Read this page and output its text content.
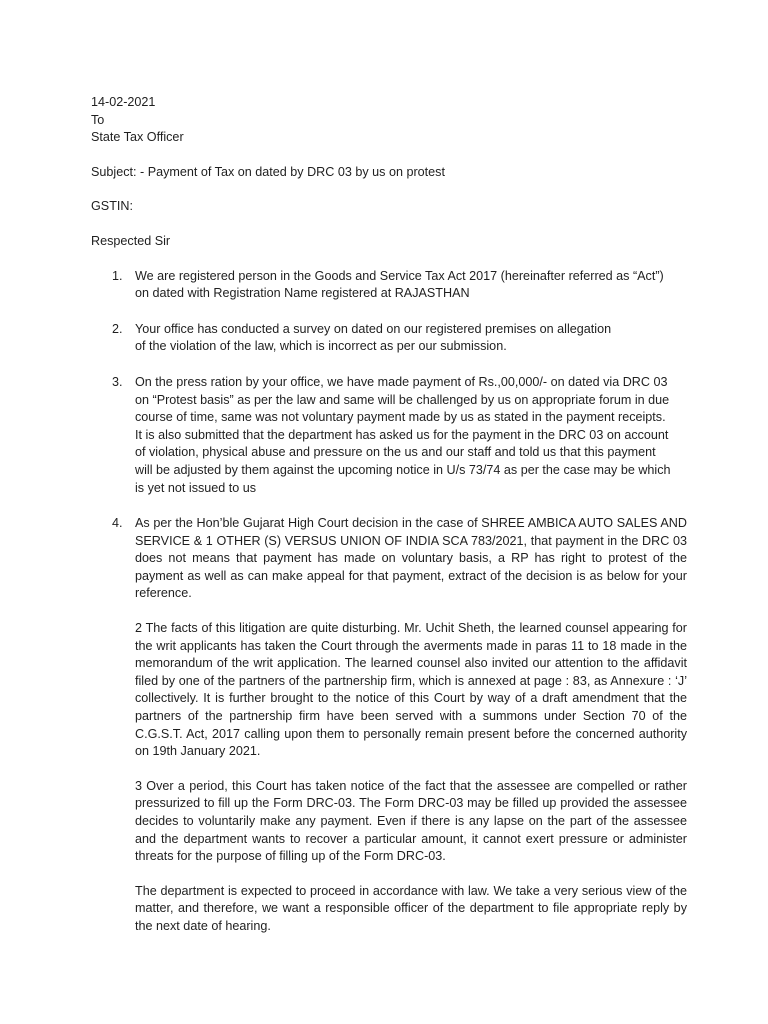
14-02-2021
To
State Tax Officer
Subject: - Payment of Tax on dated by DRC 03 by us on protest
GSTIN:
Respected Sir
1. We are registered person in the Goods and Service Tax Act 2017 (hereinafter referred as “Act”)
on dated with Registration Name registered at RAJASTHAN
2. Your office has conducted a survey on dated on our registered premises on allegation
of the violation of the law, which is incorrect as per our submission.
3. On the press ration by your office, we have made payment of Rs.,00,000/- on dated via DRC 03
on “Protest basis” as per the law and same will be challenged by us on appropriate forum in due
course of time, same was not voluntary payment made by us as stated in the payment receipts.
It is also submitted that the department has asked us for the payment in the DRC 03 on account
of violation, physical abuse and pressure on the us and our staff and told us that this payment
will be adjusted by them against the upcoming notice in U/s 73/74 as per the case may be which
is yet not issued to us
4. As per the Hon’ble Gujarat High Court decision in the case of SHREE AMBICA AUTO SALES AND SERVICE & 1 OTHER (S) VERSUS UNION OF INDIA SCA 783/2021, that payment in the DRC 03 does not means that payment has made on voluntary basis, a RP has right to protest of the payment as well as can make appeal for that payment, extract of the decision is as below for your reference.

2 The facts of this litigation are quite disturbing. Mr. Uchit Sheth, the learned counsel appearing for the writ applicants has taken the Court through the averments made in paras 11 to 18 made in the memorandum of the writ application. The learned counsel also invited our attention to the affidavit filed by one of the partners of the partnership firm, which is annexed at page : 83, as Annexure : ‘J’ collectively. It is further brought to the notice of this Court by way of a draft amendment that the partners of the partnership firm have been served with a summons under Section 70 of the C.G.S.T. Act, 2017 calling upon them to personally remain present before the concerned authority on 19th January 2021.

3 Over a period, this Court has taken notice of the fact that the assessee are compelled or rather pressurized to fill up the Form DRC-03. The Form DRC-03 may be filled up provided the assessee decides to voluntarily make any payment. Even if there is any lapse on the part of the assessee and the department wants to recover a particular amount, it cannot exert pressure or administer threats for the purpose of filling up of the Form DRC-03.

The department is expected to proceed in accordance with law. We take a very serious view of the matter, and therefore, we want a responsible officer of the department to file appropriate reply by the next date of hearing.
